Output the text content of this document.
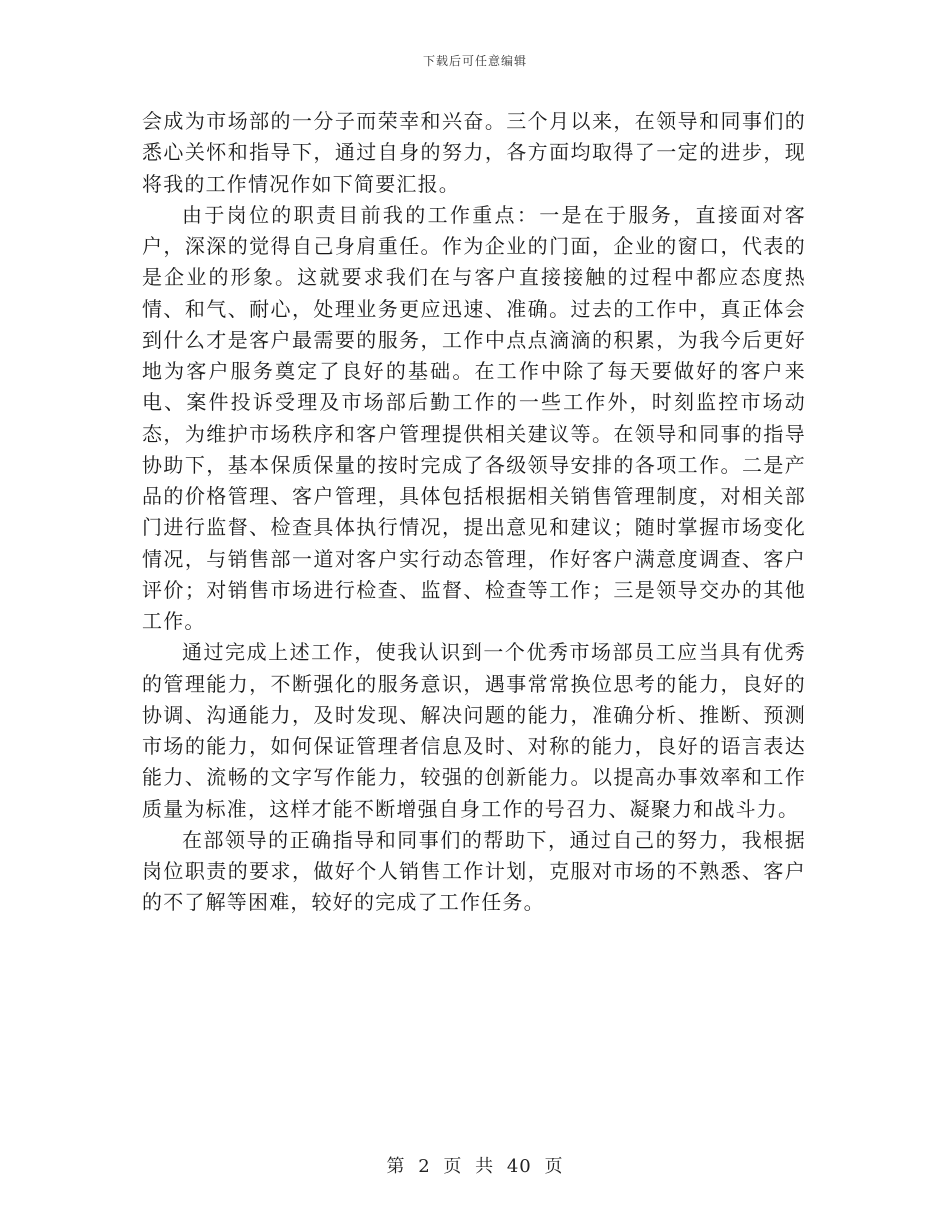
下载后可任意编辑

会成为市场部的一分子而荣幸和兴奋。三个月以来，在领导和同事们的悉心关怀和指导下，通过自身的努力，各方面均取得了一定的进步，现将我的工作情况作如下简要汇报。

由于岗位的职责目前我的工作重点：一是在于服务，直接面对客户，深深的觉得自己身肩重任。作为企业的门面，企业的窗口，代表的是企业的形象。这就要求我们在与客户直接接触的过程中都应态度热情、和气、耐心，处理业务更应迅速、准确。过去的工作中，真正体会到什么才是客户最需要的服务，工作中点点滴滴的积累，为我今后更好地为客户服务奠定了良好的基础。在工作中除了每天要做好的客户来电、案件投诉受理及市场部后勤工作的一些工作外，时刻监控市场动态，为维护市场秩序和客户管理提供相关建议等。在领导和同事的指导协助下，基本保质保量的按时完成了各级领导安排的各项工作。二是产品的价格管理、客户管理，具体包括根据相关销售管理制度，对相关部门进行监督、检查具体执行情况，提出意见和建议；随时掌握市场变化情况，与销售部一道对客户实行动态管理，作好客户满意度调查、客户评价；对销售市场进行检查、监督、检查等工作；三是领导交办的其他工作。

通过完成上述工作，使我认识到一个优秀市场部员工应当具有优秀的管理能力，不断强化的服务意识，遇事常常换位思考的能力，良好的协调、沟通能力，及时发现、解决问题的能力，准确分析、推断、预测市场的能力，如何保证管理者信息及时、对称的能力，良好的语言表达能力、流畅的文字写作能力，较强的创新能力。以提高办事效率和工作质量为标准，这样才能不断增强自身工作的号召力、凝聚力和战斗力。

在部领导的正确指导和同事们的帮助下，通过自己的努力，我根据岗位职责的要求，做好个人销售工作计划，克服对市场的不熟悉、客户的不了解等困难，较好的完成了工作任务。

第 2 页 共 40 页
